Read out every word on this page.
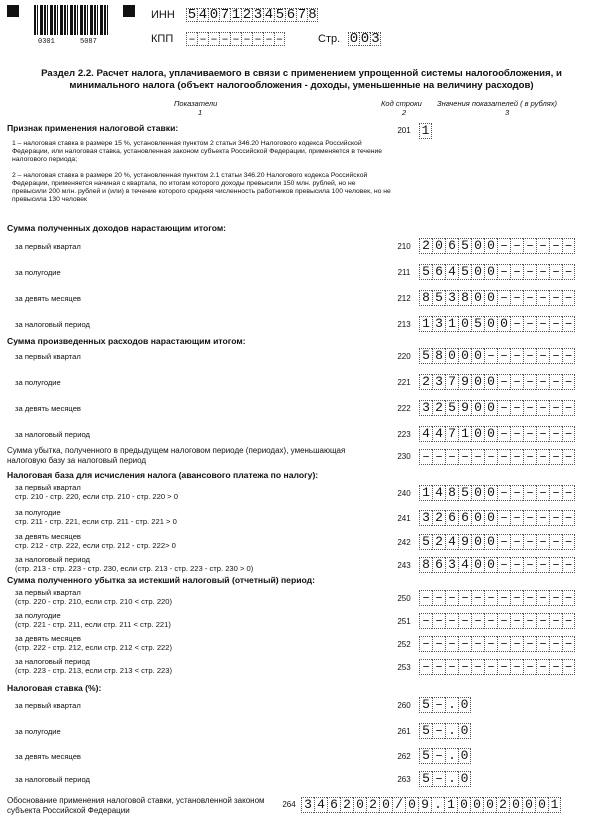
0301	5087
ИНН 5 4 0 7 1 2 3 4 5 6 7 8
КПП – – – – – – – – –	Стр. 0 0 3
Раздел 2.2. Расчет налога, уплачиваемого в связи с применением упрощенной системы налогообложения, и минимального налога (объект налогообложения - доходы, уменьшенные на величину расходов)
Показатели	Код строки Значения показателей ( в рублях)
1	2	3
Признак применения налоговой ставки:	201 1
1 – налоговая ставка в размере 15 %, установленная пунктом 2 статьи 346.20 Налогового кодекса Российской Федерации, или налоговая ставка, установленная законом субъекта Российской Федерации, применяется в течение налогового периода;
2 – налоговая ставка в размере 20 %, установленная пунктом 2.1 статьи 346.20 Налогового кодекса Российской Федерации, применяется начиная с квартала, по итогам которого доходы превысили 150 млн. рублей, но не превысили 200 млн. рублей и (или) в течение которого средняя численность работников превысила 100 человек, но не превысила 130 человек
Сумма полученных доходов нарастающим итогом:
за первый квартал	210 2 0 6 5 0 0 – – – – – –
за полугодие	211 5 6 4 5 0 0 – – – – – –
за девять месяцев	212 8 5 3 8 0 0 – – – – – –
за налоговый период	213 1 3 1 0 5 0 0 – – – – –
Сумма произведенных расходов нарастающим итогом:
за первый квартал	220 5 8 0 0 0 – – – – – – –
за полугодие	221 2 3 7 9 0 0 – – – – – –
за девять месяцев	222 3 2 5 9 0 0 – – – – – –
за налоговый период	223 4 4 7 1 0 0 – – – – – –
Сумма убытка, полученного в предыдущем налоговом периоде (периодах), уменьшающая налоговую базу за налоговый период	230 – – – – – – – – – – – –
Налоговая база для исчисления налога (авансового платежа по налогу):
за первый квартал
стр. 210 - стр. 220, если стр. 210 - стр. 220 > 0	240 1 4 8 5 0 0 – – – – – –
за полугодие
стр. 211 - стр. 221, если стр. 211 - стр. 221 > 0	241 3 2 6 6 0 0 – – – – – –
за девять месяцев
стр. 212 - стр. 222, если стр. 212 - стр. 222> 0	242 5 2 4 9 0 0 – – – – – –
за налоговый период
(стр. 213 - стр. 223 - стр. 230, если стр. 213 - стр. 223 - стр. 230 > 0)	243 8 6 3 4 0 0 – – – – – –
Сумма полученного убытка за истекший налоговый (отчетный) период:
за первый квартал
(стр. 220 - стр. 210, если стр. 210 < стр. 220)	250 – – – – – – – – – – – –
за полугодие
(стр. 221 - стр. 211, если стр. 211 < стр. 221)	251 – – – – – – – – – – – –
за девять месяцев
(стр. 222 - стр. 212, если стр. 212 < стр. 222)	252 – – – – – – – – – – – –
за налоговый период
(стр. 223 - стр. 213, если стр. 213 < стр. 223)	253 – – – – – – – – – – – –
Налоговая ставка (%):
за первый квартал	260 5 – . 0
за полугодие	261 5 – . 0
за девять месяцев	262 5 – . 0
за налоговый период	263 5 – . 0
Обоснование применения налоговой ставки, установленной законом субъекта Российской Федерации
264 3 4 6 2 0 2 0 / 0 9 . 1 0 0 0 2 0 0 0 1
